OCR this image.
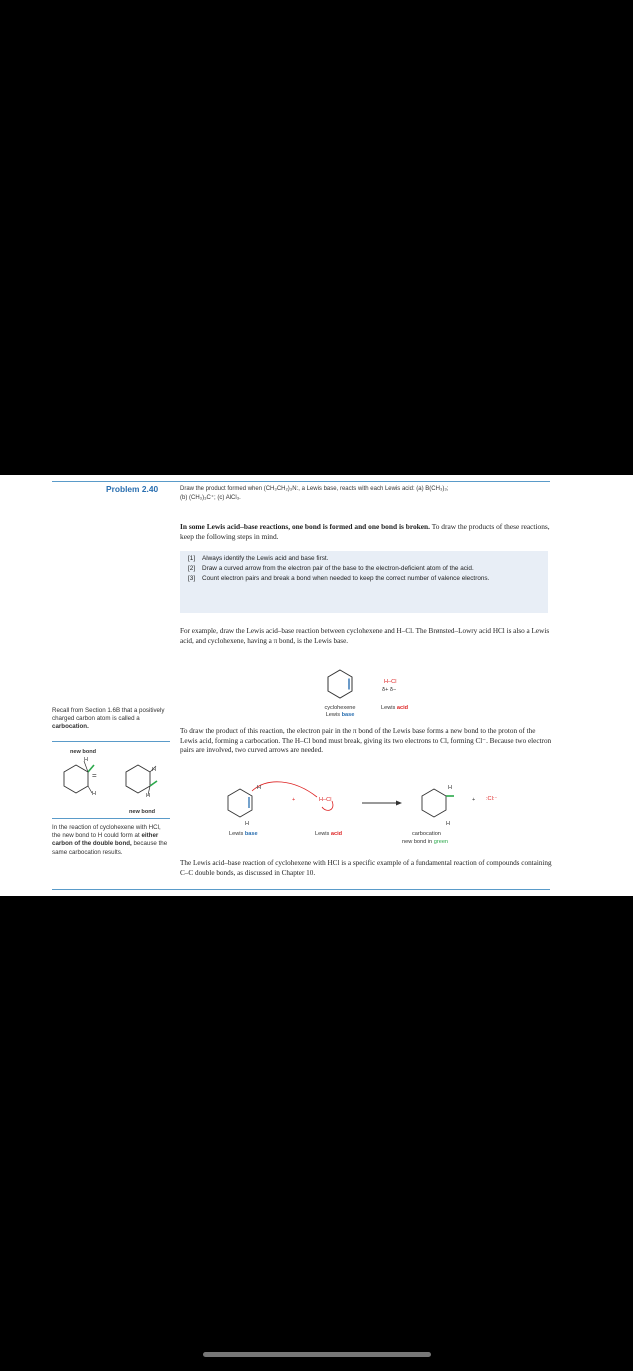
Problem 2.40	Draw the product formed when (CH₃CH₂)₃N:, a Lewis base, reacts with each Lewis acid: (a) B(CH₃)₃;
(b) (CH₃)₃C⁺; (c) AlCl₃.
In some Lewis acid–base reactions, one bond is formed and one bond is broken. To draw the products of these reactions, keep the following steps in mind.
[1]	Always identify the Lewis acid and base first.
[2]	Draw a curved arrow from the electron pair of the base to the electron-deficient atom of the acid.
[3]	Count electron pairs and break a bond when needed to keep the correct number of valence electrons.
For example, draw the Lewis acid–base reaction between cyclohexene and H–Cl. The Brønsted–Lowry acid HCl is also a Lewis acid, and cyclohexene, having a π bond, is the Lewis base.
cyclohexene
Lewis base
H–Cl
δ+ δ−
Lewis acid
Recall from Section 1.6B that a positively charged carbon atom is called a carbocation.
new bond
=
H
H
H
H
new bond
In the reaction of cyclohexene with HCl, the new bond to H could form at either carbon of the double bond, because the same carbocation results.
To draw the product of this reaction, the electron pair in the π bond of the Lewis base forms a new bond to the proton of the Lewis acid, forming a carbocation. The H–Cl bond must break, giving its two electrons to Cl, forming Cl⁻. Because two electron pairs are involved, two curved arrows are needed.
H
H
+	H–Cl
H
H
+ :Cl:⁻
Lewis base	Lewis acid	carbocation
new bond in green
The Lewis acid–base reaction of cyclohexene with HCl is a specific example of a fundamental reaction of compounds containing C–C double bonds, as discussed in Chapter 10.
